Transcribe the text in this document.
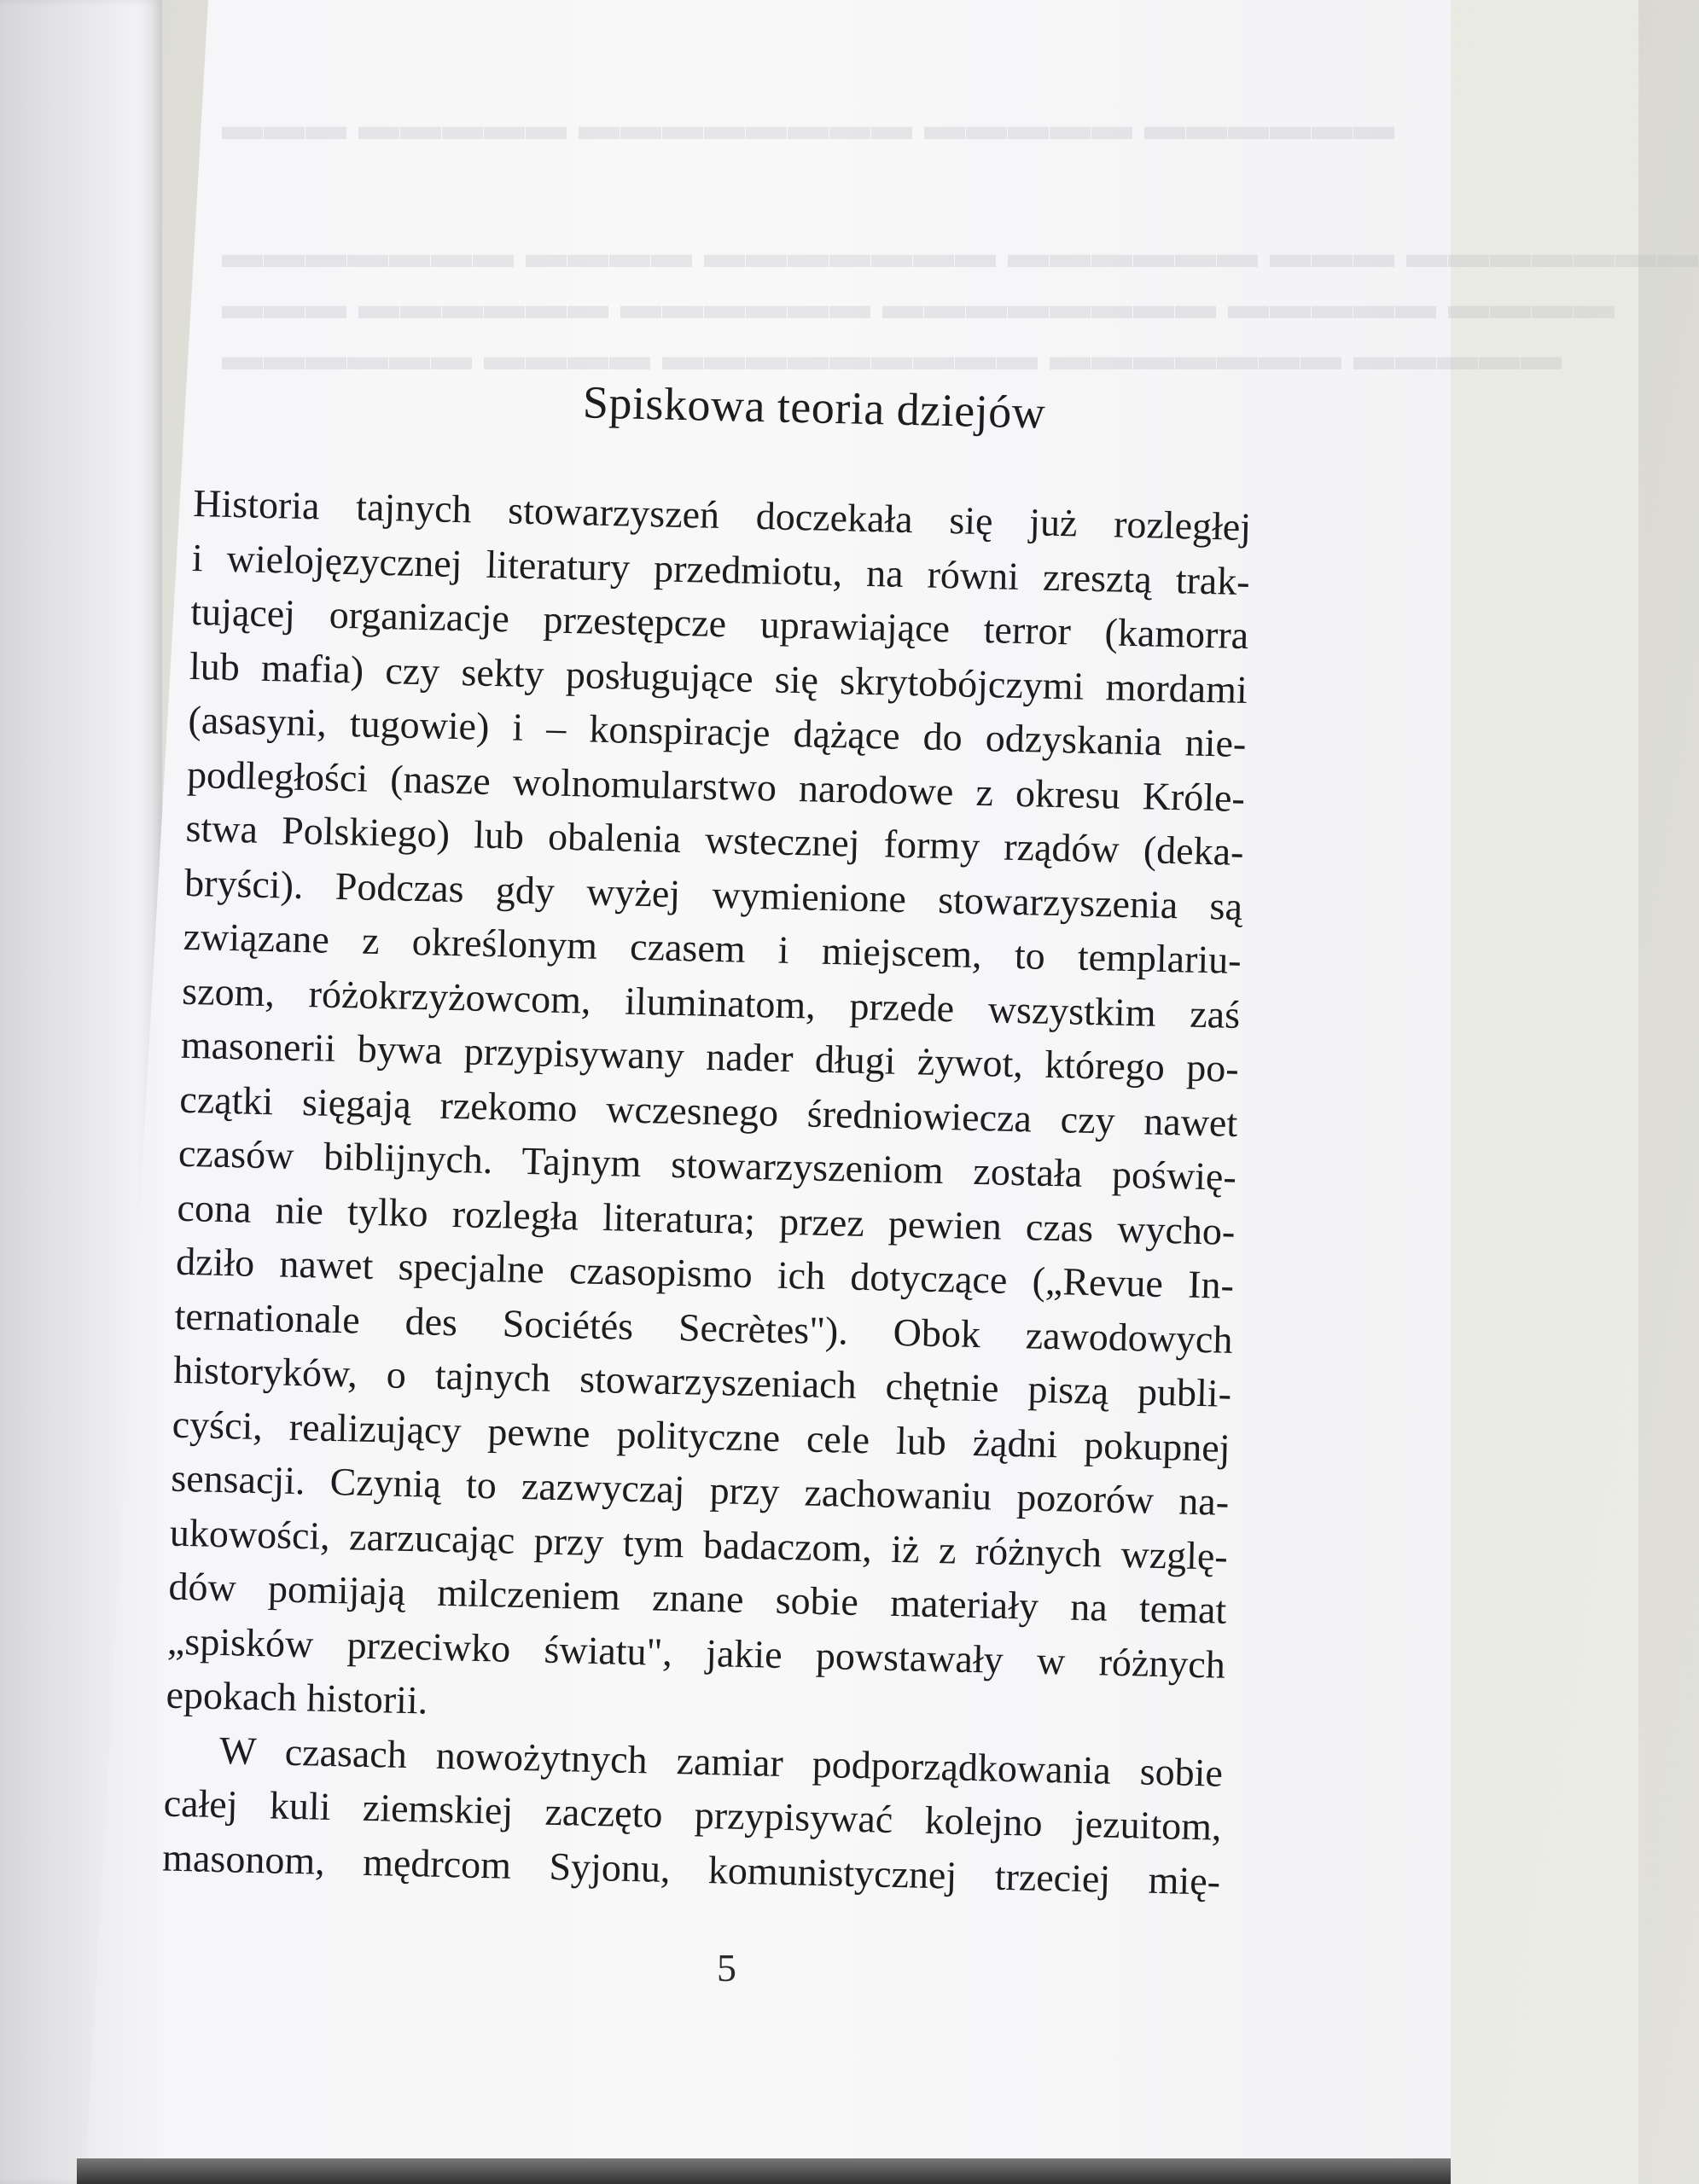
▬▬▬ ▬▬▬▬▬ ▬▬▬▬▬▬▬▬ ▬▬▬▬▬ ▬▬▬▬▬▬
▬▬▬▬▬▬▬ ▬▬▬▬ ▬▬▬▬▬▬▬ ▬▬▬▬▬▬ ▬▬▬ ▬▬▬▬▬▬▬
▬▬▬ ▬▬▬▬▬▬ ▬▬▬▬▬▬ ▬▬▬▬▬▬▬▬ ▬▬▬▬▬ ▬▬▬▬
▬▬▬▬▬▬ ▬▬▬▬ ▬▬▬▬▬▬▬▬▬ ▬▬▬▬▬▬▬ ▬▬▬▬▬
Spiskowa teoria dziejów
Historia tajnych stowarzyszeń doczekała się już rozległej
i wielojęzycznej literatury przedmiotu, na równi zresztą trak-
tującej organizacje przestępcze uprawiające terror (kamorra
lub mafia) czy sekty posługujące się skrytobójczymi mordami
(asasyni, tugowie) i – konspiracje dążące do odzyskania nie-
podległości (nasze wolnomularstwo narodowe z okresu Króle-
stwa Polskiego) lub obalenia wstecznej formy rządów (deka-
bryści). Podczas gdy wyżej wymienione stowarzyszenia są
związane z określonym czasem i miejscem, to templariu-
szom, różokrzyżowcom, iluminatom, przede wszystkim zaś
masonerii bywa przypisywany nader długi żywot, którego po-
czątki sięgają rzekomo wczesnego średniowiecza czy nawet
czasów biblijnych. Tajnym stowarzyszeniom została poświę-
cona nie tylko rozległa literatura; przez pewien czas wycho-
dziło nawet specjalne czasopismo ich dotyczące („Revue In-
ternationale des Sociétés Secrètes"). Obok zawodowych
historyków, o tajnych stowarzyszeniach chętnie piszą publi-
cyści, realizujący pewne polityczne cele lub żądni pokupnej
sensacji. Czynią to zazwyczaj przy zachowaniu pozorów na-
ukowości, zarzucając przy tym badaczom, iż z różnych wzglę-
dów pomijają milczeniem znane sobie materiały na temat
„spisków przeciwko światu", jakie powstawały w różnych
epokach historii.
W czasach nowożytnych zamiar podporządkowania sobie
całej kuli ziemskiej zaczęto przypisywać kolejno jezuitom,
masonom, mędrcom Syjonu, komunistycznej trzeciej mię-
5
